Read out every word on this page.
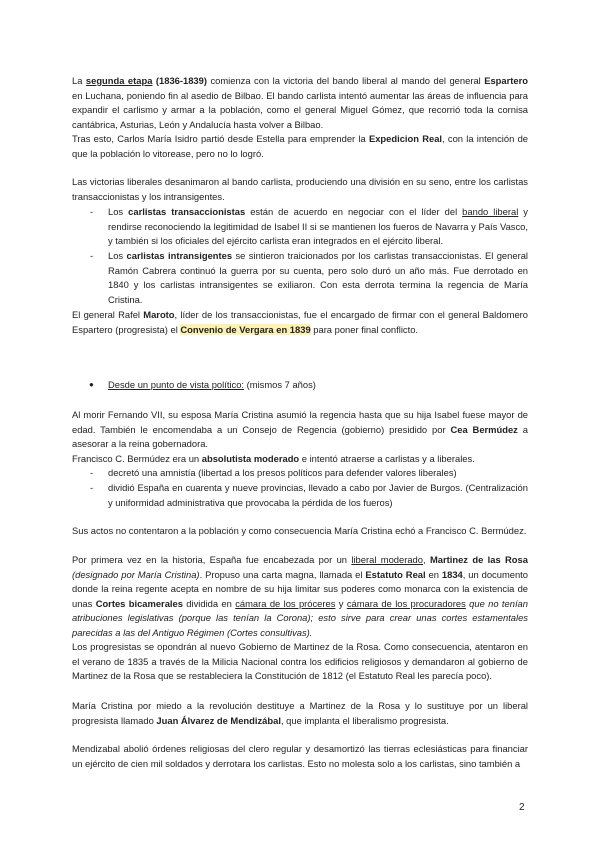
La segunda etapa (1836-1839) comienza con la victoria del bando liberal al mando del general Espartero en Luchana, poniendo fin al asedio de Bilbao. El bando carlista intentó aumentar las áreas de influencia para expandir el carlismo y armar a la población, como el general Miguel Gómez, que recorrió toda la cornisa cantábrica, Asturias, León y Andalucía hasta volver a Bilbao.

Tras esto, Carlos María Isidro partió desde Estella para emprender la Expedicion Real, con la intención de que la población lo vitorease, pero no lo logró.

Las victorias liberales desanimaron al bando carlista, produciendo una división en su seno, entre los carlistas transaccionistas y los intransigentes.

- Los carlistas transaccionistas están de acuerdo en negociar con el líder del bando liberal y rendirse reconociendo la legitimidad de Isabel II si se mantienen los fueros de Navarra y País Vasco, y también si los oficiales del ejército carlista eran integrados en el ejército liberal.

- Los carlistas intransigentes se sintieron traicionados por los carlistas transaccionistas. El general Ramón Cabrera continuó la guerra por su cuenta, pero solo duró un año más. Fue derrotado en 1840 y los carlistas intransigentes se exiliaron. Con esta derrota termina la regencia de María Cristina.

El general Rafel Maroto, líder de los transaccionistas, fue el encargado de firmar con el general Baldomero Espartero (progresista) el Convenio de Vergara en 1839 para poner final conflicto.

● Desde un punto de vista político: (mismos 7 años)

Al morir Fernando VII, su esposa María Cristina asumió la regencia hasta que su hija Isabel fuese mayor de edad. También le encomendaba a un Consejo de Regencia (gobierno) presidido por Cea Bermúdez a asesorar a la reina gobernadora.

Francisco C. Bermúdez era un absolutista moderado e intentó atraerse a carlistas y a liberales.

- decretó una amnistía (libertad a los presos políticos para defender valores liberales)

- dividió España en cuarenta y nueve provincias, llevado a cabo por Javier de Burgos. (Centralización y uniformidad administrativa que provocaba la pérdida de los fueros)

Sus actos no contentaron a la población y como consecuencia María Cristina echó a Francisco C. Bermúdez.

Por primera vez en la historia, España fue encabezada por un liberal moderado, Martinez de las Rosa (designado por María Cristina). Propuso una carta magna, llamada el Estatuto Real en 1834, un documento donde la reina regente acepta en nombre de su hija limitar sus poderes como monarca con la existencia de unas Cortes bicamerales dividida en cámara de los próceres y cámara de los procuradores que no tenían atribuciones legislativas (porque las tenían la Corona); esto sirve para crear unas cortes estamentales parecidas a las del Antiguo Régimen (Cortes consultivas).

Los progresistas se opondrán al nuevo Gobierno de Martinez de la Rosa. Como consecuencia, atentaron en el verano de 1835 a través de la Milicia Nacional contra los edificios religiosos y demandaron al gobierno de Martinez de la Rosa que se restableciera la Constitución de 1812 (el Estatuto Real les parecía poco).

María Cristina por miedo a la revolución destituye a Martinez de la Rosa y lo sustituye por un liberal progresista llamado Juan Álvarez de Mendizábal, que implanta el liberalismo progresista.

Mendizabal abolió órdenes religiosas del clero regular y desamortizó las tierras eclesiásticas para financiar un ejército de cien mil soldados y derrotara los carlistas. Esto no molesta solo a los carlistas, sino también a

2
